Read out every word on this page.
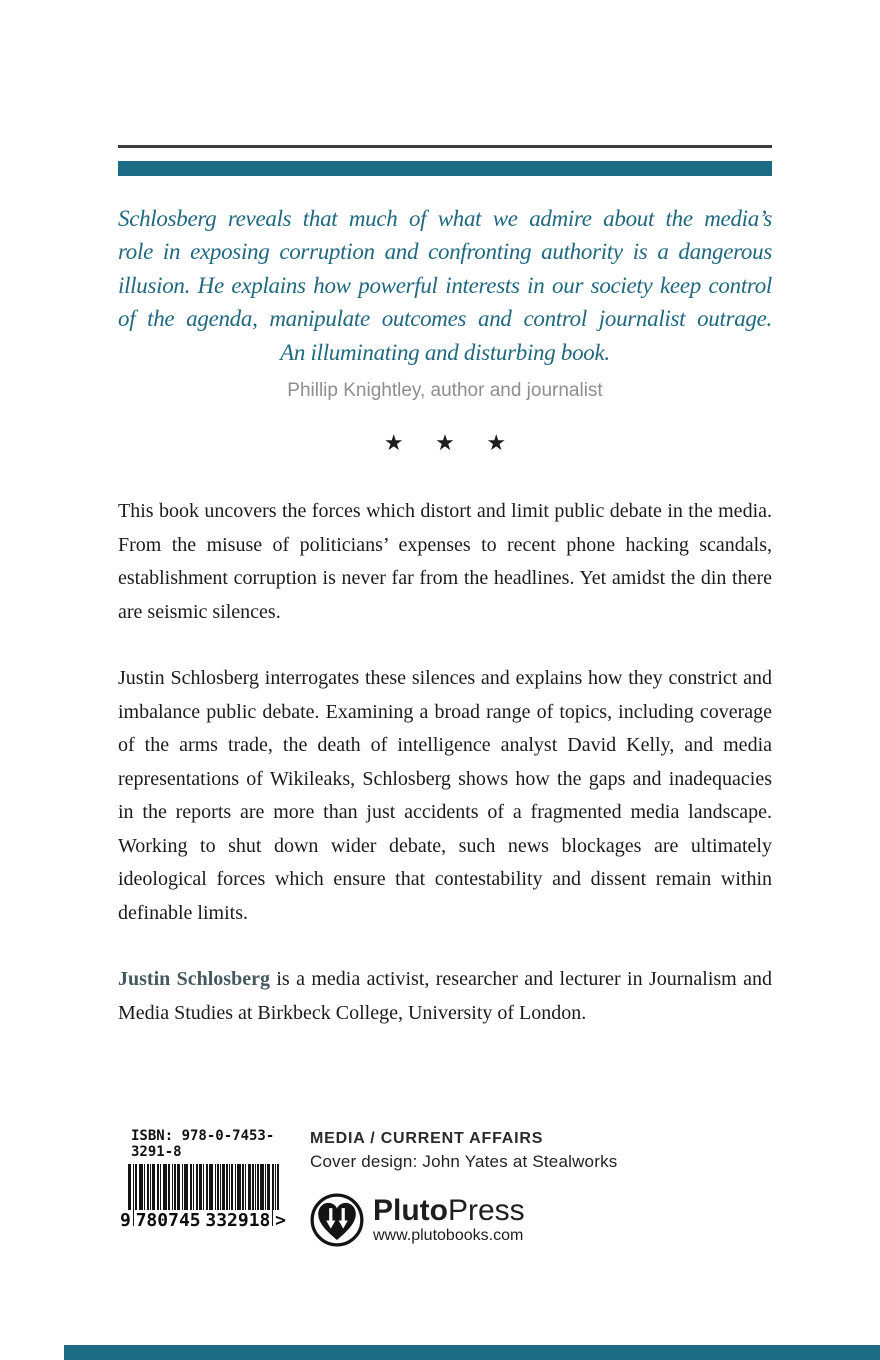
Schlosberg reveals that much of what we admire about the media’s
role in exposing corruption and confronting authority is a dangerous
illusion. He explains how powerful interests in our society keep control
of the agenda, manipulate outcomes and control journalist outrage.
An illuminating and disturbing book.
Phillip Knightley, author and journalist
★ ★ ★

This book uncovers the forces which distort and limit public debate in the media. From the misuse of politicians’ expenses to recent phone hacking scandals, establishment corruption is never far from the headlines. Yet amidst the din there are seismic silences.

Justin Schlosberg interrogates these silences and explains how they constrict and imbalance public debate. Examining a broad range of topics, including coverage of the arms trade, the death of intelligence analyst David Kelly, and media representations of Wikileaks, Schlosberg shows how the gaps and inadequacies in the reports are more than just accidents of a fragmented media landscape. Working to shut down wider debate, such news blockages are ultimately ideological forces which ensure that contestability and dissent remain within definable limits.

Justin Schlosberg is a media activist, researcher and lecturer in Journalism and Media Studies at Birkbeck College, University of London.

ISBN: 978-0-7453-3291-8
9 780745 332918 >
MEDIA / CURRENT AFFAIRS
Cover design: John Yates at Stealworks
PlutoPress
www.plutobooks.com
